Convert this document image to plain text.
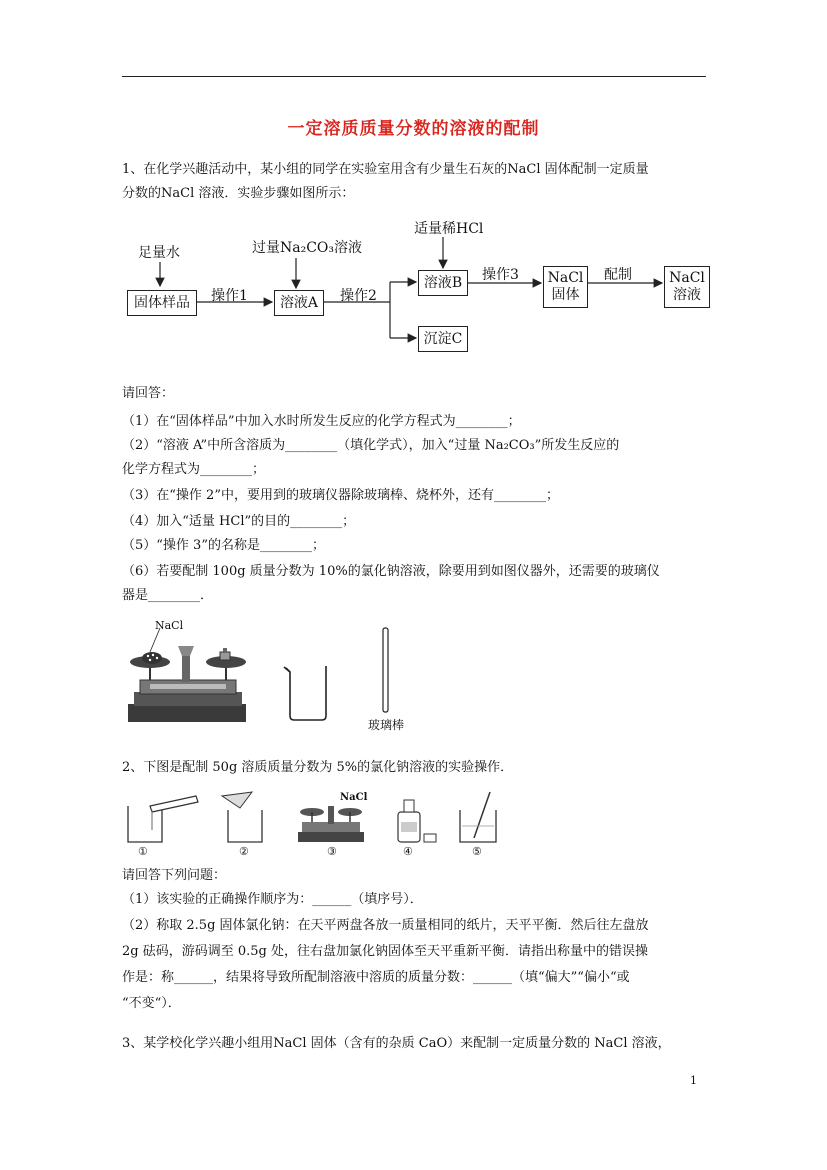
一定溶质质量分数的溶液的配制
1、在化学兴趣活动中，某小组的同学在实验室用含有少量生石灰的NaCl 固体配制一定质量
分数的NaCl 溶液．实验步骤如图所示：
足量水	过量Na₂CO₃溶液
适量稀HCl
操作1	操作2
操作3	配制
固体样品	溶液A
溶液B
沉淀C
NaCl
固体
NaCl
溶液
请回答：
（1）在“固体样品”中加入水时所发生反应的化学方程式为________；
（2）“溶液 A”中所含溶质为________（填化学式），加入“过量 Na₂CO₃”所发生反应的
化学方程式为________；
（3）在“操作 2”中，要用到的玻璃仪器除玻璃棒、烧杯外，还有________；
（4）加入“适量 HCl”的目的________；
（5）“操作 3”的名称是________；
（6）若要配制 100g 质量分数为 10%的氯化钠溶液，除要用到如图仪器外，还需要的玻璃仪
器是________．
NaCl
玻璃棒
2、下图是配制 50g 溶质质量分数为 5%的氯化钠溶液的实验操作．
NaCl
①	②	③	④	⑤
请回答下列问题：
（1）该实验的正确操作顺序为：______（填序号）．
（2）称取 2.5g 固体氯化钠：在天平两盘各放一质量相同的纸片，天平平衡．然后往左盘放
2g 砝码，游码调至 0.5g 处，往右盘加氯化钠固体至天平重新平衡．请指出称量中的错误操
作是：称______，结果将导致所配制溶液中溶质的质量分数：______（填“偏大”“偏小“或
“不变“）．
3、某学校化学兴趣小组用NaCl 固体（含有的杂质 CaO）来配制一定质量分数的 NaCl 溶液，
1
